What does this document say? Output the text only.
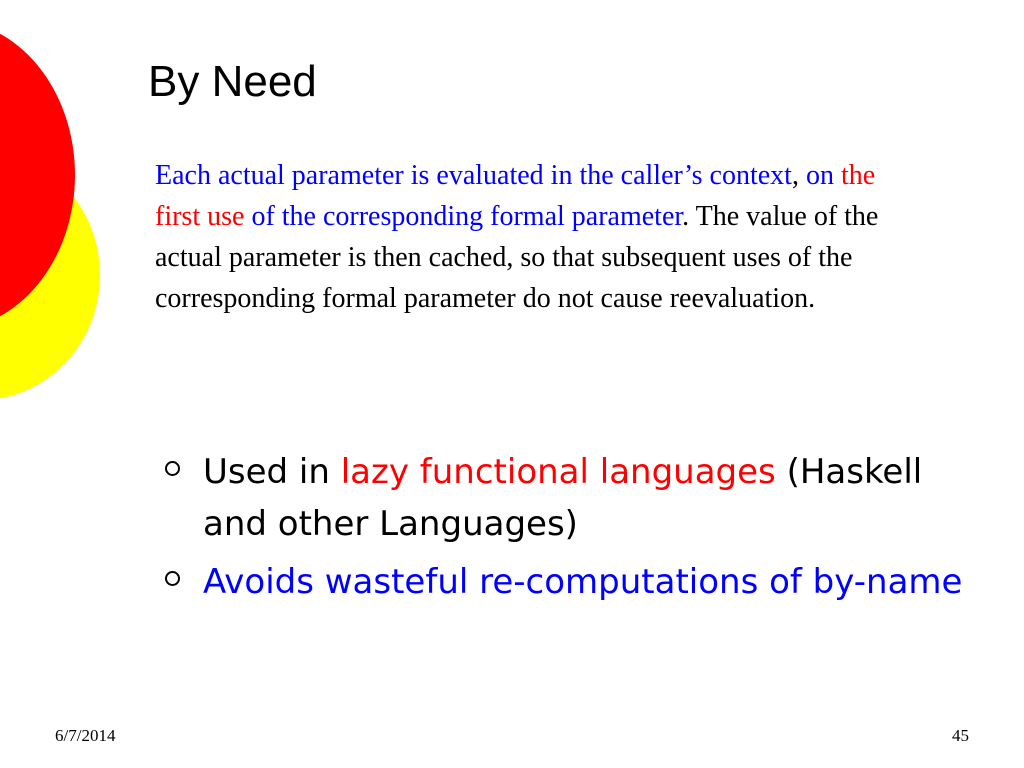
By Need

Each actual parameter is evaluated in the caller’s context, on the first use of the corresponding formal parameter. The value of the actual parameter is then cached, so that subsequent uses of the corresponding formal parameter do not cause reevaluation.

Used in lazy functional languages (Haskell and other Languages)
Avoids wasteful re-computations of by-name
6/7/2014	45
